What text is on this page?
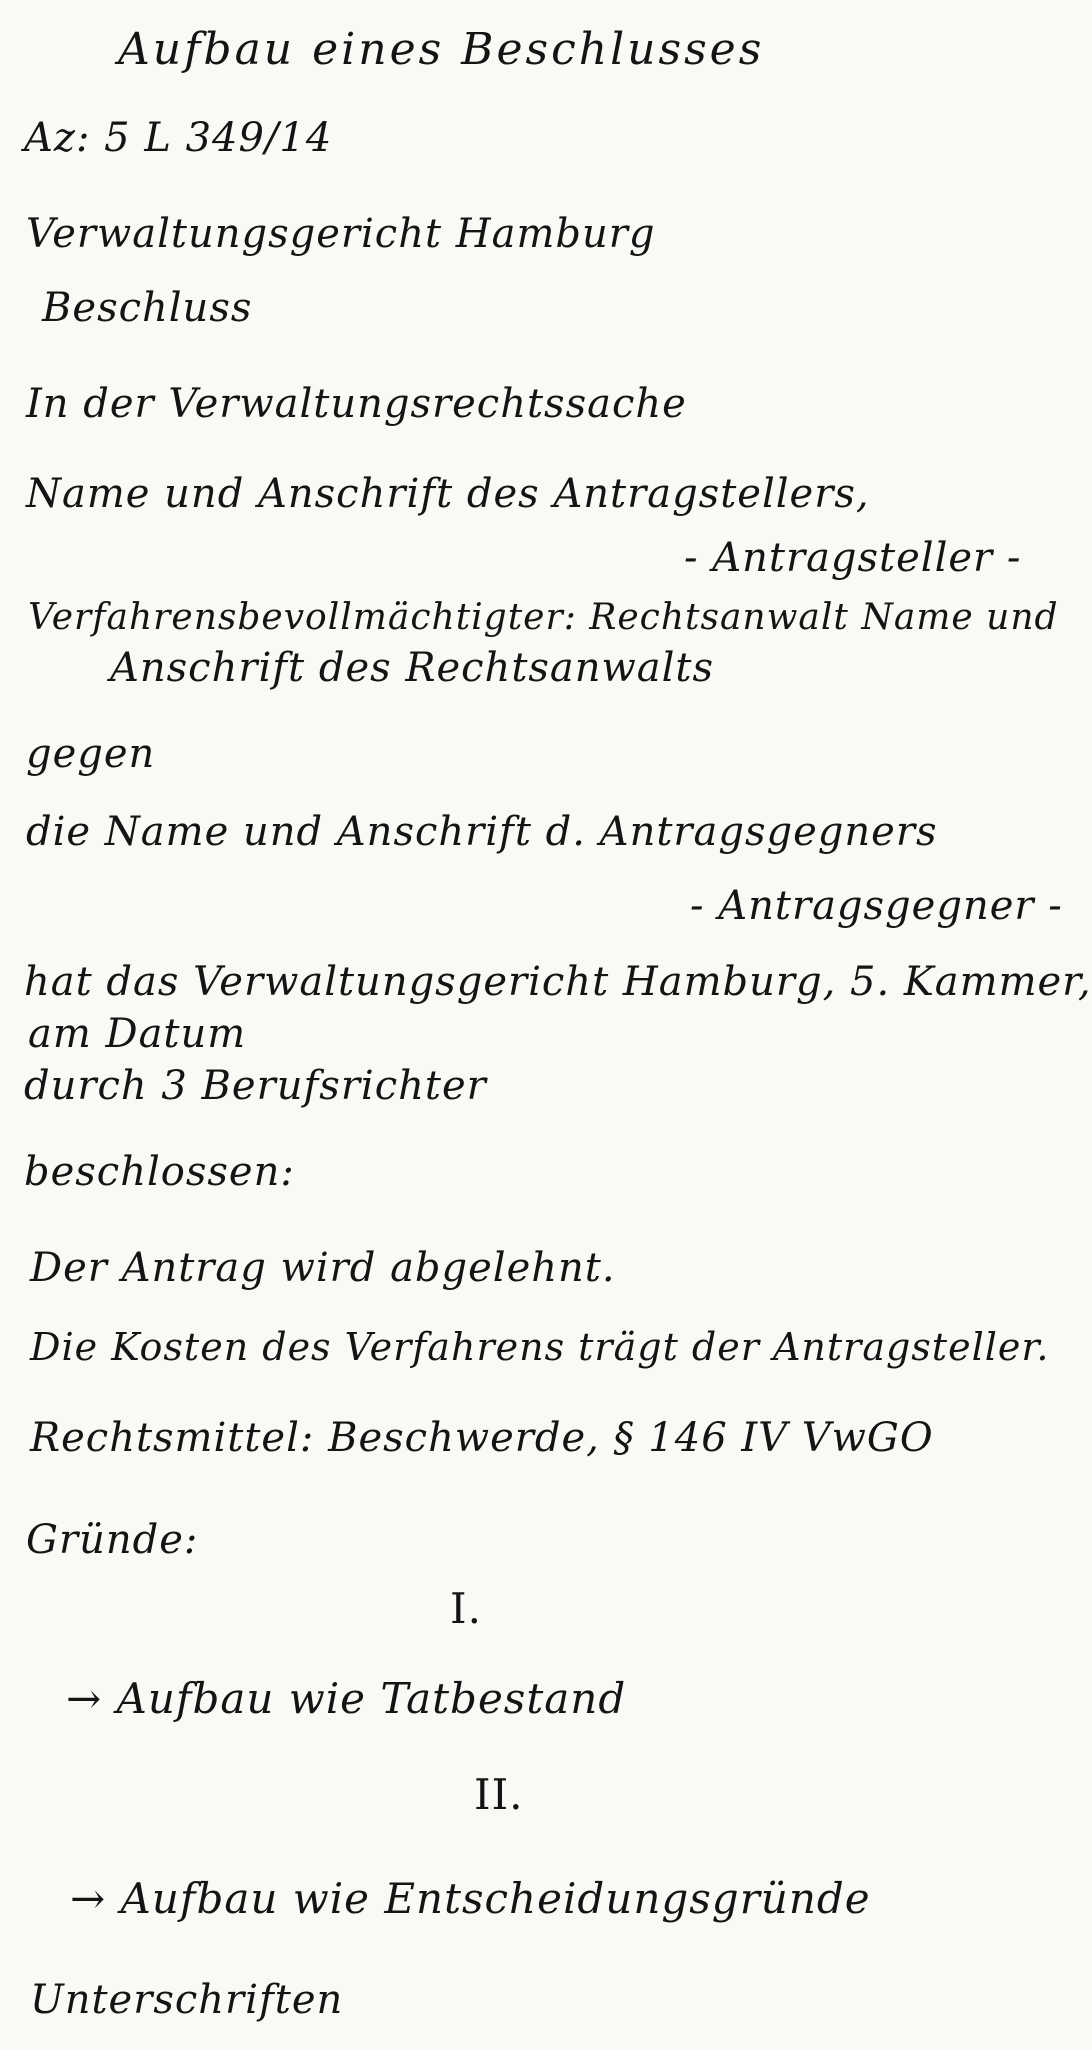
Aufbau eines Beschlusses
Az: 5 L 349/14
Verwaltungsgericht Hamburg
Beschluss
In der Verwaltungsrechtssache
Name und Anschrift des Antragstellers,
- Antragsteller -
Verfahrensbevollmächtigter: Rechtsanwalt Name und
Anschrift des Rechtsanwalts
gegen
die Name und Anschrift d. Antragsgegners
- Antragsgegner -
hat das Verwaltungsgericht Hamburg, 5. Kammer,
am Datum
durch 3 Berufsrichter
beschlossen:
Der Antrag wird abgelehnt.
Die Kosten des Verfahrens trägt der Antragsteller.
Rechtsmittel: Beschwerde, § 146 IV VwGO
Gründe:
I.
→ Aufbau wie Tatbestand
II.
→ Aufbau wie Entscheidungsgründe
Unterschriften
